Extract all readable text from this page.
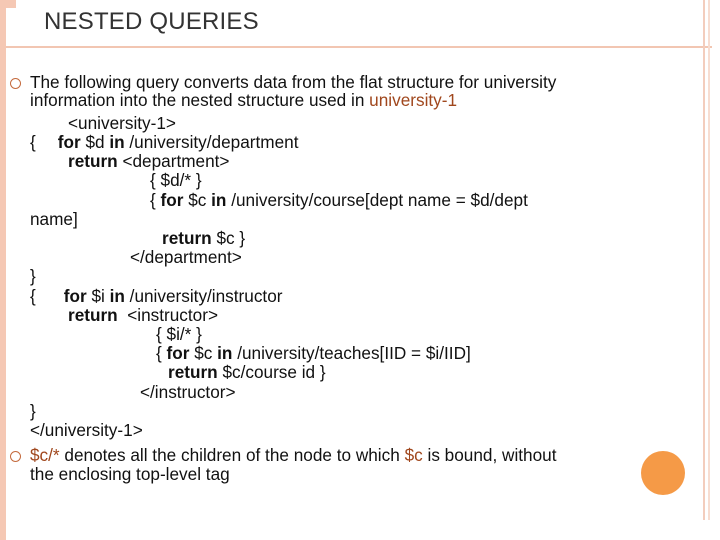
NESTED QUERIES
The following query converts data from the flat structure for university
information into the nested structure used in university-1
<university-1>
{ for $d in /university/department
return <department>
{ $d/* }
{ for $c in /university/course[dept name = $d/dept
name]
return $c }
</department>
}
{ for $i in /university/instructor
return  <instructor>
{ $i/* }
{ for $c in /university/teaches[IID = $i/IID]
return $c/course id }
</instructor>
}
</university-1>
$c/* denotes all the children of the node to which $c is bound, without
the enclosing top-level tag
